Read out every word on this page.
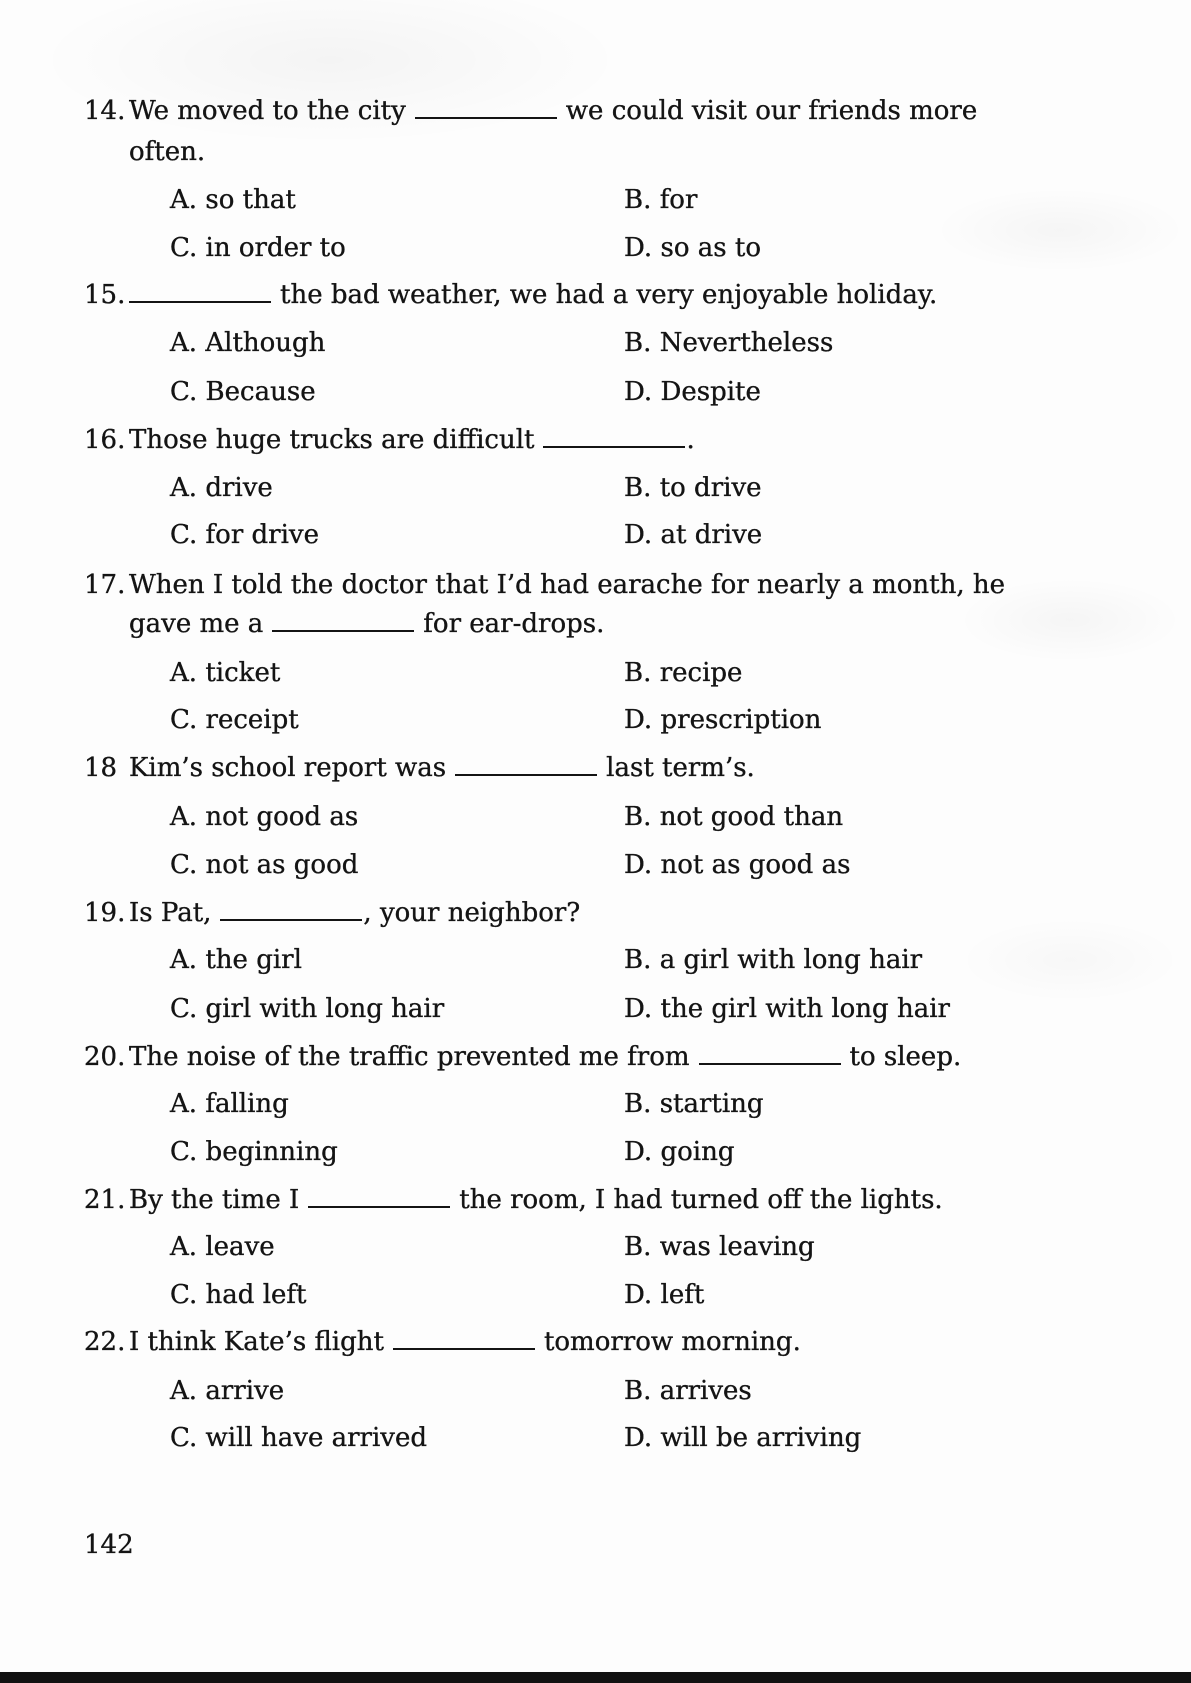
14. We moved to the city	we could visit our friends more
often.
A. so that	B. for
C. in order to	D. so as to
15.	the bad weather, we had a very enjoyable holiday.
A. Although	B. Nevertheless
C. Because	D. Despite
16. Those huge trucks are difficult	.
A. drive	B. to drive
C. for drive	D. at drive
17. When I told the doctor that I’d had earache for nearly a month, he
gave me a	for ear-drops.
A. ticket	B. recipe
C. receipt	D. prescription
18 Kim’s school report was	last term’s.
A. not good as	B. not good than
C. not as good	D. not as good as
19. Is Pat,	, your neighbor?
A. the girl	B. a girl with long hair
C. girl with long hair	D. the girl with long hair
20. The noise of the traffic prevented me from	to sleep.
A. falling	B. starting
C. beginning	D. going
21. By the time I	the room, I had turned off the lights.
A. leave	B. was leaving
C. had left	D. left
22. I think Kate’s flight	tomorrow morning.
A. arrive	B. arrives
C. will have arrived	D. will be arriving
142
